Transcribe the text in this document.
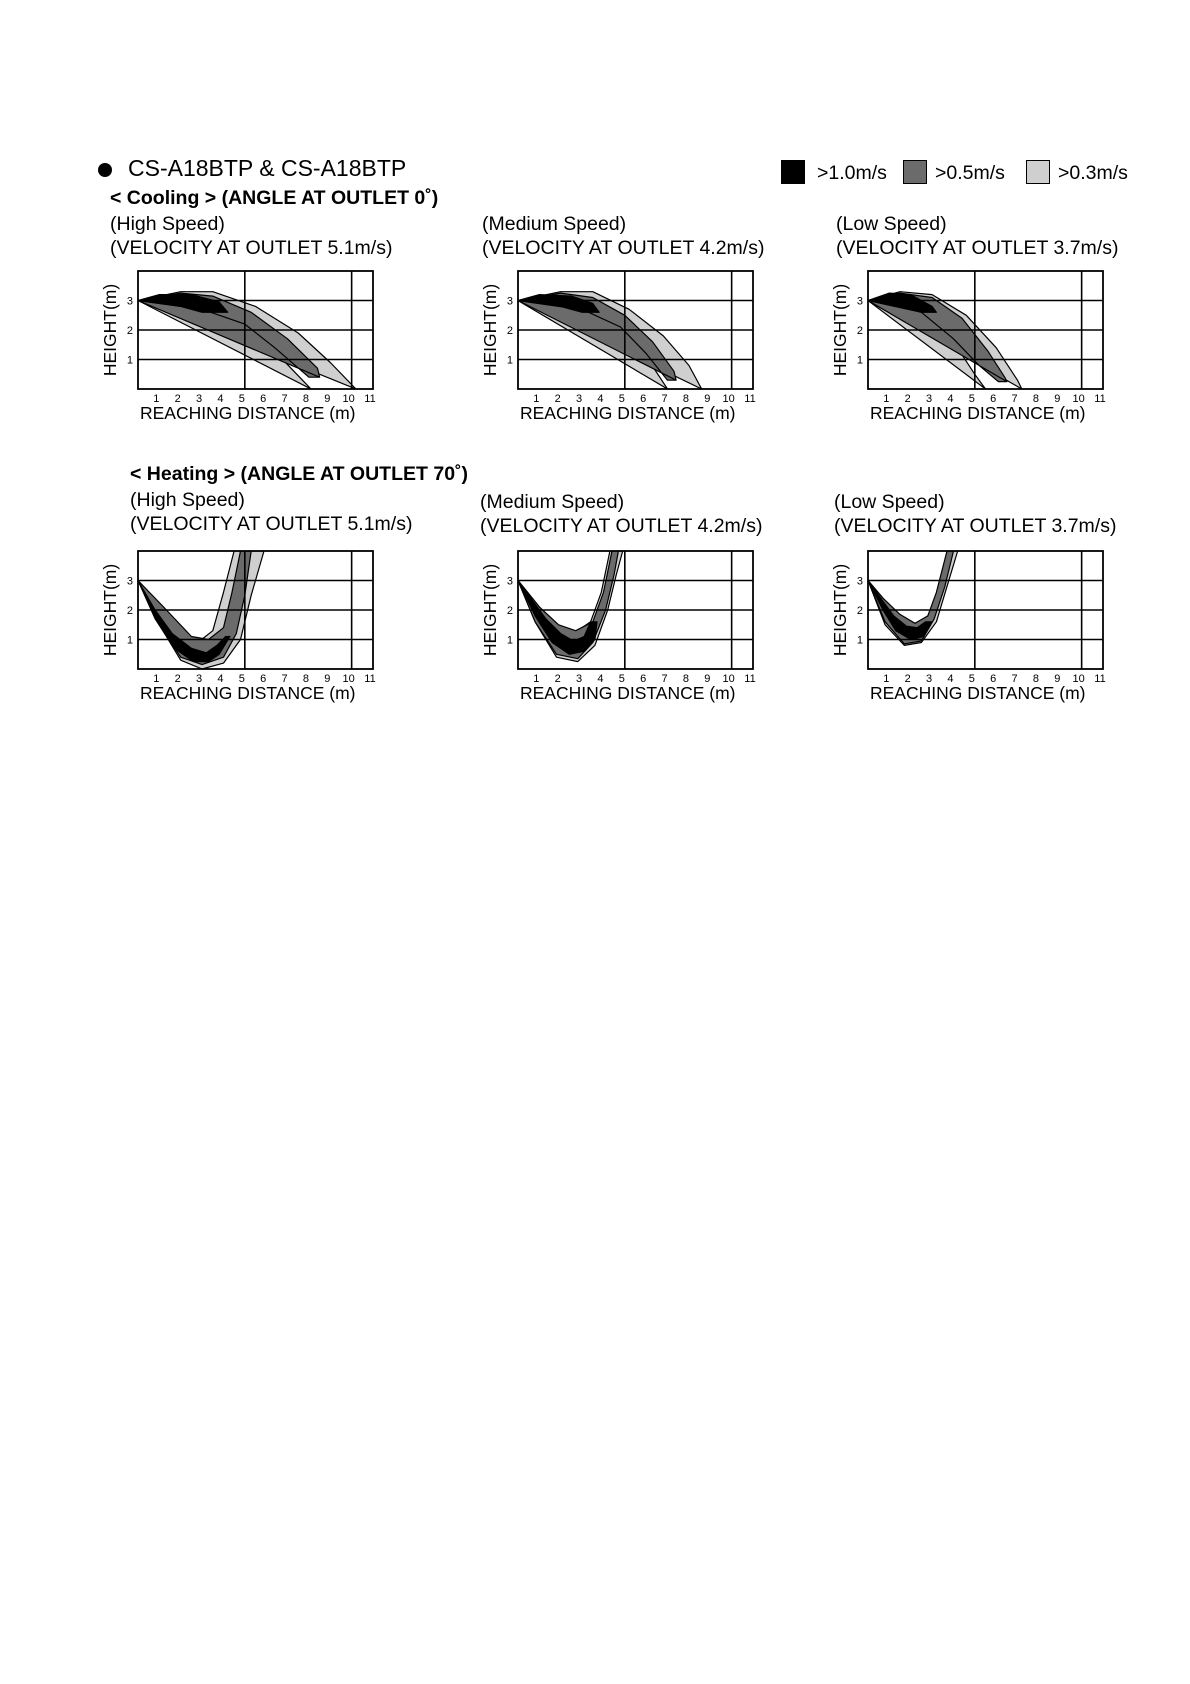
CS-A18BTP & CS-A18BTP	>1.0m/s >0.5m/s	>0.3m/s
< Cooling > (ANGLE AT OUTLET 0˚)
(High Speed)
(VELOCITY AT OUTLET 5.1m/s)
(Medium Speed)
(VELOCITY AT OUTLET 4.2m/s)
(Low Speed)
(VELOCITY AT OUTLET 3.7m/s)
< Heating > (ANGLE AT OUTLET 70˚)
(High Speed)
(VELOCITY AT OUTLET 5.1m/s)
(Medium Speed)
(VELOCITY AT OUTLET 4.2m/s)
(Low Speed)
(VELOCITY AT OUTLET 3.7m/s)
1 2 3 4 5 6 7 8 9 10 11
1
2
3
REACHING DISTANCE (m)
HEIGHT(m)
1 2 3 4 5 6 7 8 9 10 11
1
2
3
REACHING DISTANCE (m)
HEIGHT(m)
1 2 3 4 5 6 7 8 9 10 11
1
2
3
REACHING DISTANCE (m)
HEIGHT(m)
1 2 3 4 5 6 7 8 9 10 11
1
2
3
REACHING DISTANCE (m)
HEIGHT(m)
1 2 3 4 5 6 7 8 9 10 11
1
2
3
REACHING DISTANCE (m)
HEIGHT(m)
1 2 3 4 5 6 7 8 9 10 11
1
2
3
REACHING DISTANCE (m)
HEIGHT(m)
